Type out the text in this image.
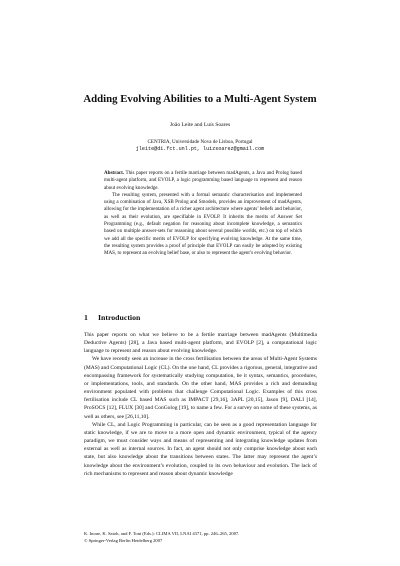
Adding Evolving Abilities to a Multi-Agent System
João Leite and Luís Soares
CENTRIA, Universidade Nova de Lisboa, Portugal
jleite@di.fct.unl.pt, luizsoarez@gmail.com

Abstract. This paper reports on a fertile marriage between madAgents, a Java and Prolog based multi-agent platform, and EVOLP, a logic programming based language to represent and reason about evolving knowledge.

The resulting system, presented with a formal semantic characterisation and implemented using a combination of Java, XSB Prolog and Smodels, provides an improvement of madAgents, allowing for the implementation of a richer agent architecture where agents’ beliefs and behavior, as well as their evolution, are specifiable in EVOLP. It inherits the merits of Answer Set Programming (e.g., default negation for reasoning about incomplete knowledge, a semantics based on multiple answer-sets for reasoning about several possible worlds, etc.) on top of which we add all the specific merits of EVOLP for specifying evolving knowledge. At the same time, the resulting system provides a proof of principle that EVOLP can easily be adopted by existing MAS, to represent an evolving belief base, or also to represent the agent’s evolving behavior.

1 Introduction

This paper reports on what we believe to be a fertile marriage between madAgents (Multimedia Deductive Agents) [28], a Java based multi-agent platform, and EVOLP [2], a computational logic language to represent and reason about evolving knowledge.

We have recently seen an increase in the cross fertilisation between the areas of Multi-Agent Systems (MAS) and Computational Logic (CL). On the one hand, CL provides a rigorous, general, integrative and encompassing framework for systematically studying computation, be it syntax, semantics, procedures, or implementations, tools, and standards. On the other hand, MAS provides a rich and demanding environment populated with problems that challenge Computational Logic. Examples of this cross fertilisation include CL based MAS such as IMPACT [29,16], 3APL [20,15], Jason [9], DALI [14], ProSOCS [12], FLUX [30] and ConGolog [19], to name a few. For a survey on some of these systems, as well as others, see [26,11,10].

While CL, and Logic Programming in particular, can be seen as a good representation language for static knowledge, if we are to move to a more open and dynamic environment, typical of the agency paradigm, we must consider ways and means of representing and integrating knowledge updates from external as well as internal sources. In fact, an agent should not only comprise knowledge about each state, but also knowledge about the transitions between states. The latter may represent the agent’s knowledge about the environment’s evolution, coupled to its own behaviour and evolution. The lack of rich mechanisms to represent and reason about dynamic knowledge

K. Inoue, K. Satoh, and F. Toni (Eds.): CLIMA VII, LNAI 4371, pp. 246–265, 2007.
© Springer-Verlag Berlin Heidelberg 2007
